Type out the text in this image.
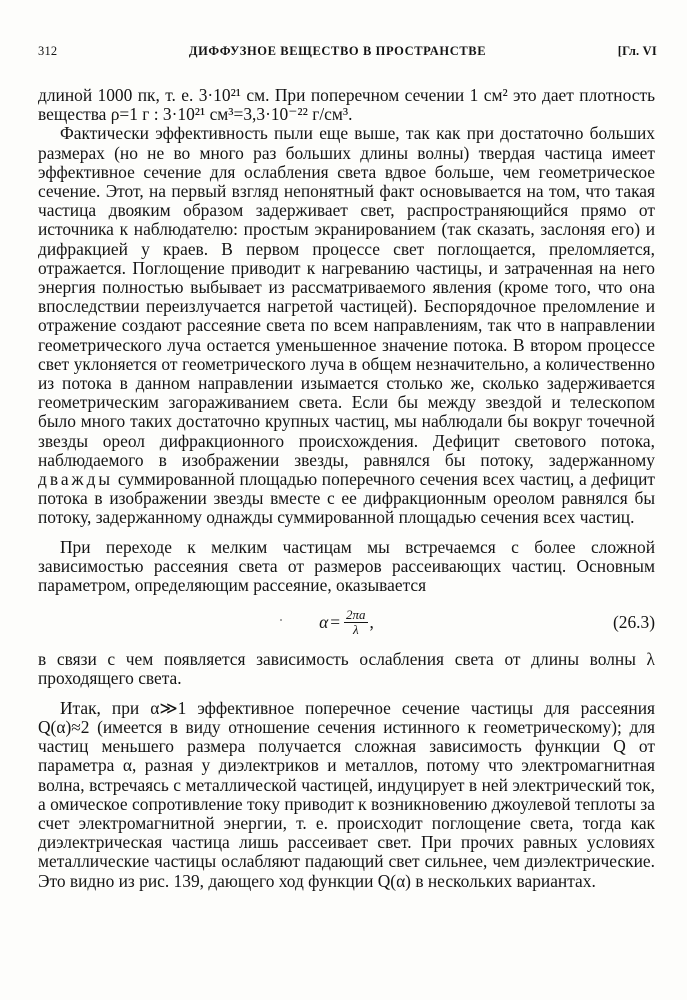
312	ДИФФУЗНОЕ ВЕЩЕСТВО В ПРОСТРАНСТВЕ	[Гл. VI

длиной 1000 пк, т. е. 3·10²¹ см. При поперечном сечении 1 см² это дает плотность вещества ρ=1 г : 3·10²¹ см³=3,3·10⁻²² г/см³.

Фактически эффективность пыли еще выше, так как при достаточно больших размерах (но не во много раз больших длины волны) твердая частица имеет эффективное сечение для ослабления света вдвое больше, чем геометрическое сечение. Этот, на первый взгляд непонятный факт основывается на том, что такая частица двояким образом задерживает свет, распространяющийся прямо от источника к наблюдателю: простым экранированием (так сказать, заслоняя его) и дифракцией у краев. В первом процессе свет поглощается, преломляется, отражается. Поглощение приводит к нагреванию частицы, и затраченная на него энергия полностью выбывает из рассматриваемого явления (кроме того, что она впоследствии переизлучается нагретой частицей). Беспорядочное преломление и отражение создают рассеяние света по всем направлениям, так что в направлении геометрического луча остается уменьшенное значение потока. В втором процессе свет уклоняется от геометрического луча в общем незначительно, а количественно из потока в данном направлении изымается столько же, сколько задерживается геометрическим загораживанием света. Если бы между звездой и телескопом было много таких достаточно крупных частиц, мы наблюдали бы вокруг точечной звезды ореол дифракционного происхождения. Дефицит светового потока, наблюдаемого в изображении звезды, равнялся бы потоку, задержанному дважды суммированной площадью поперечного сечения всех частиц, а дефицит потока в изображении звезды вместе с ее дифракционным ореолом равнялся бы потоку, задержанному однажды суммированной площадью сечения всех частиц.

При переходе к мелким частицам мы встречаемся с более сложной зависимостью рассеяния света от размеров рассеивающих частиц. Основным параметром, определяющим рассеяние, оказывается

$\alpha = \frac{2\pi a}{\lambda}$ ,	(26.3)

в связи с чем появляется зависимость ослабления света от длины волны λ проходящего света.

Итак, при α≫1 эффективное поперечное сечение частицы для рассеяния Q(α)≈2 (имеется в виду отношение сечения истинного к геометрическому); для частиц меньшего размера получается сложная зависимость функции Q от параметра α, разная у диэлектриков и металлов, потому что электромагнитная волна, встречаясь с металлической частицей, индуцирует в ней электрический ток, а омическое сопротивление току приводит к возникновению джоулевой теплоты за счет электромагнитной энергии, т. е. происходит поглощение света, тогда как диэлектрическая частица лишь рассеивает свет. При прочих равных условиях металлические частицы ослабляют падающий свет сильнее, чем диэлектрические. Это видно из рис. 139, дающего ход функции Q(α) в нескольких вариантах.
